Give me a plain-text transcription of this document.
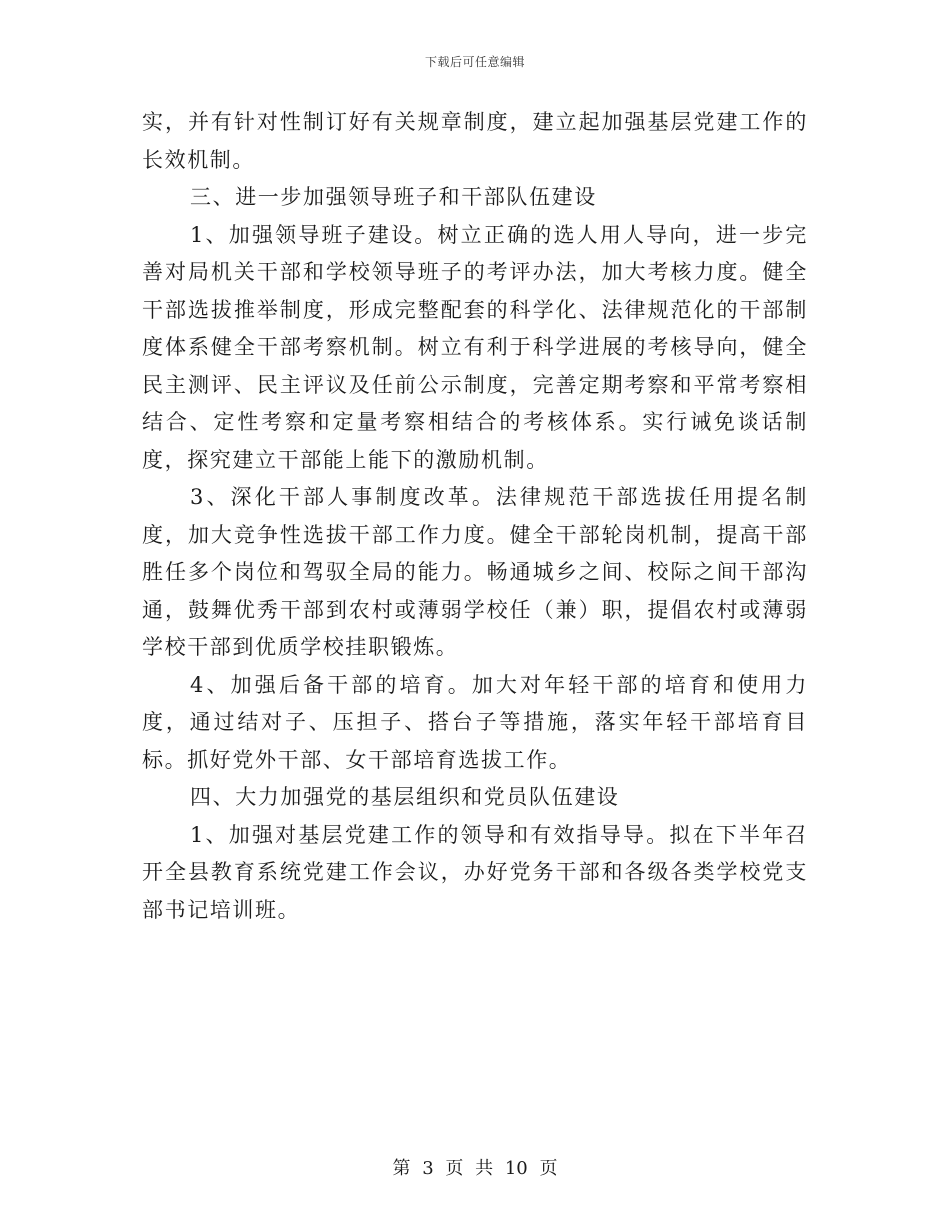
下载后可任意编辑

实，并有针对性制订好有关规章制度，建立起加强基层党建工作的长效机制。

三、进一步加强领导班子和干部队伍建设

1、加强领导班子建设。树立正确的选人用人导向，进一步完善对局机关干部和学校领导班子的考评办法，加大考核力度。健全干部选拔推举制度，形成完整配套的科学化、法律规范化的干部制度体系健全干部考察机制。树立有利于科学进展的考核导向，健全民主测评、民主评议及任前公示制度，完善定期考察和平常考察相结合、定性考察和定量考察相结合的考核体系。实行诫免谈话制度，探究建立干部能上能下的激励机制。

3、深化干部人事制度改革。法律规范干部选拔任用提名制度，加大竞争性选拔干部工作力度。健全干部轮岗机制，提高干部胜任多个岗位和驾驭全局的能力。畅通城乡之间、校际之间干部沟通，鼓舞优秀干部到农村或薄弱学校任（兼）职，提倡农村或薄弱学校干部到优质学校挂职锻炼。

4、加强后备干部的培育。加大对年轻干部的培育和使用力度，通过结对子、压担子、搭台子等措施，落实年轻干部培育目标。抓好党外干部、女干部培育选拔工作。

四、大力加强党的基层组织和党员队伍建设

1、加强对基层党建工作的领导和有效指导导。拟在下半年召开全县教育系统党建工作会议，办好党务干部和各级各类学校党支部书记培训班。

第 3 页 共 10 页
